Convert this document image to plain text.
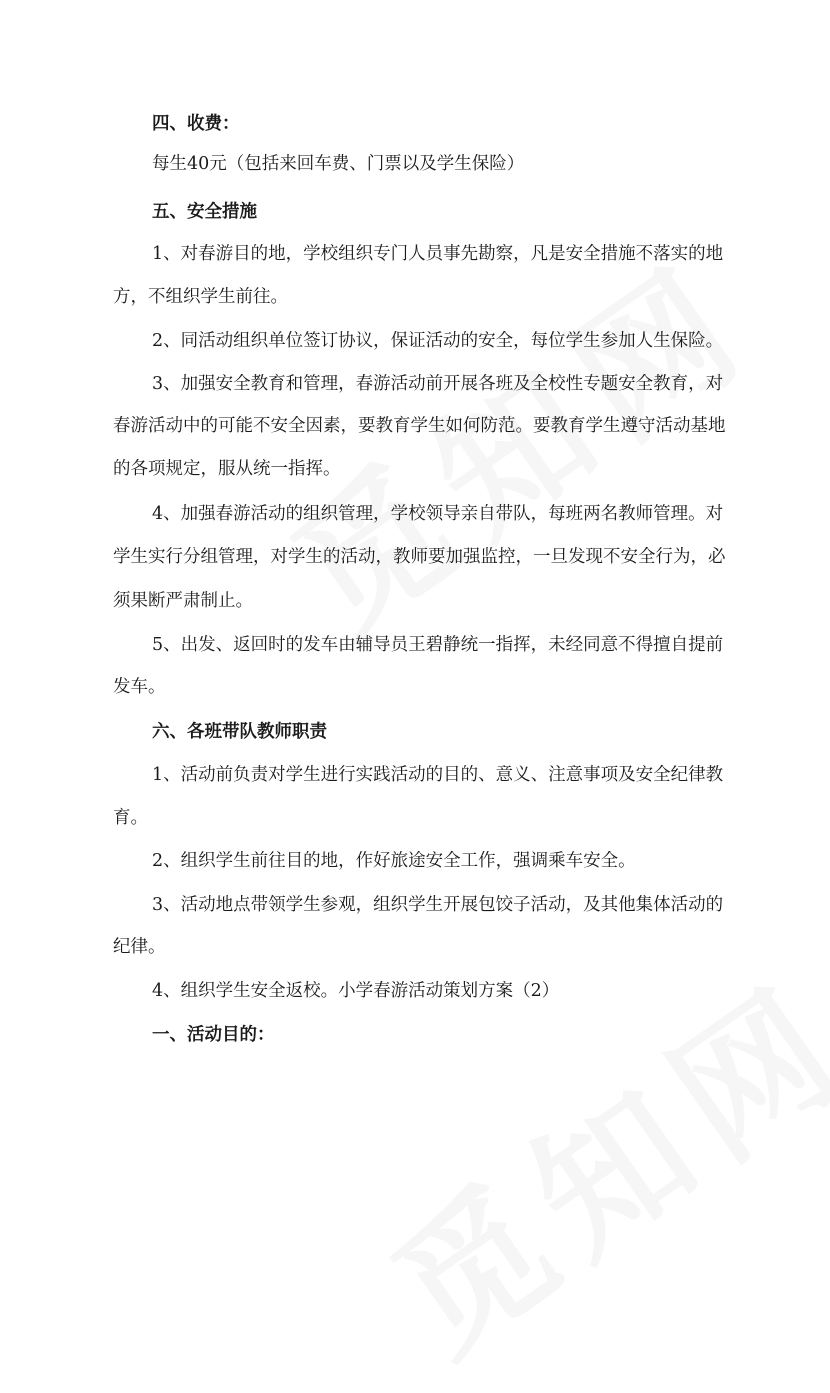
四、收费：
每生40元（包括来回车费、门票以及学生保险）
五、安全措施
1、对春游目的地，学校组织专门人员事先勘察，凡是安全措施不落实的地
方，不组织学生前往。
2、同活动组织单位签订协议，保证活动的安全，每位学生参加人生保险。
3、加强安全教育和管理，春游活动前开展各班及全校性专题安全教育，对
春游活动中的可能不安全因素，要教育学生如何防范。要教育学生遵守活动基地
的各项规定，服从统一指挥。
4、加强春游活动的组织管理，学校领导亲自带队，每班两名教师管理。对
学生实行分组管理，对学生的活动，教师要加强监控，一旦发现不安全行为，必
须果断严肃制止。
5、出发、返回时的发车由辅导员王碧静统一指挥，未经同意不得擅自提前
发车。
六、各班带队教师职责
1、活动前负责对学生进行实践活动的目的、意义、注意事项及安全纪律教
育。
2、组织学生前往目的地，作好旅途安全工作，强调乘车安全。
3、活动地点带领学生参观，组织学生开展包饺子活动，及其他集体活动的
纪律。
4、组织学生安全返校。小学春游活动策划方案（2）
一、活动目的：
